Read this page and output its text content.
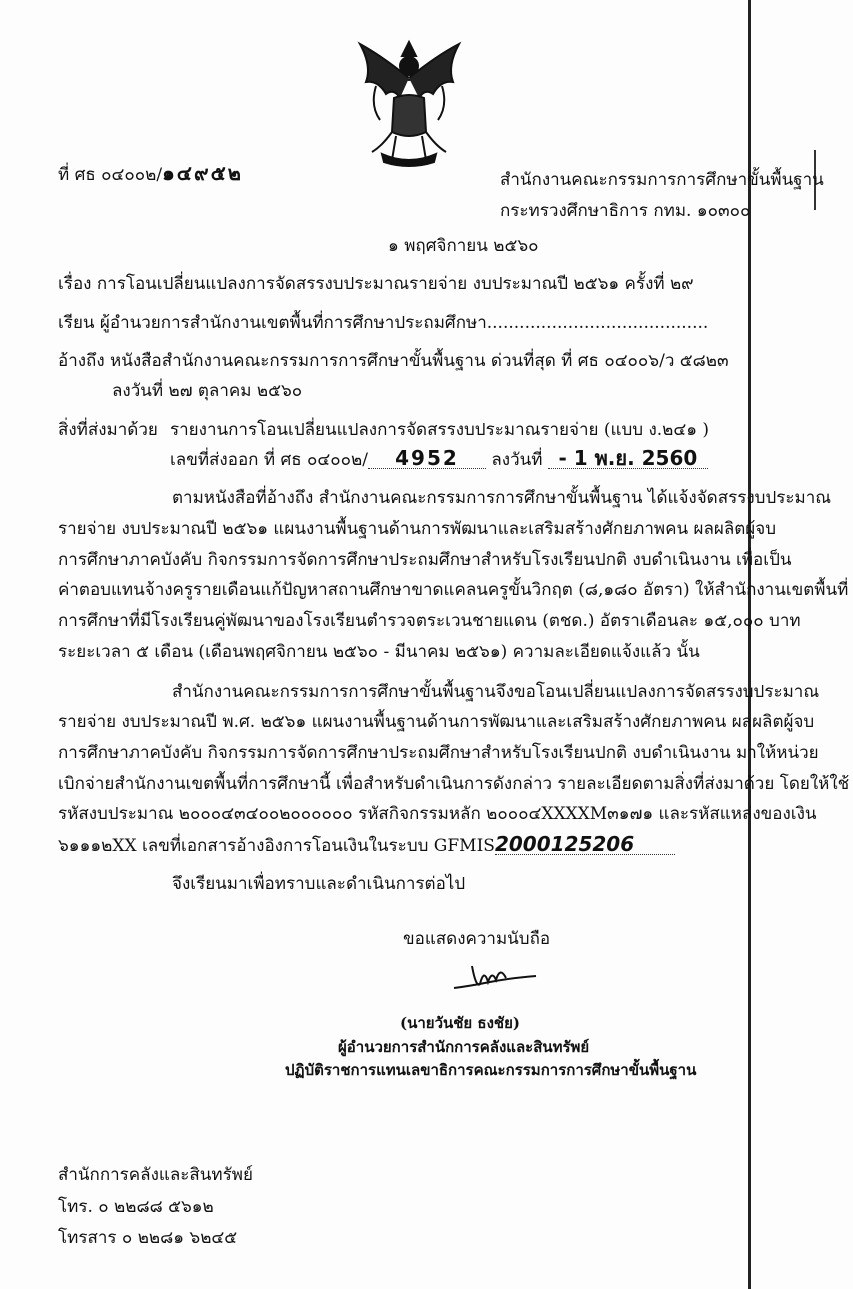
ที่ ศธ ๐๔๐๐๒/๑๔๙๕๒	สำนักงานคณะกรรมการการศึกษาขั้นพื้นฐาน
กระทรวงศึกษาธิการ กทม. ๑๐๓๐๐
๑ พฤศจิกายน ๒๕๖๐
เรื่อง การโอนเปลี่ยนแปลงการจัดสรรงบประมาณรายจ่าย งบประมาณปี ๒๕๖๑ ครั้งที่ ๒๙
เรียน ผู้อำนวยการสำนักงานเขตพื้นที่การศึกษาประถมศึกษา.........................................
อ้างถึง หนังสือสำนักงานคณะกรรมการการศึกษาขั้นพื้นฐาน ด่วนที่สุด ที่ ศธ ๐๔๐๐๖/ว ๕๘๒๓
ลงวันที่ ๒๗ ตุลาคม ๒๕๖๐
สิ่งที่ส่งมาด้วย รายงานการโอนเปลี่ยนแปลงการจัดสรรงบประมาณรายจ่าย (แบบ ง.๒๔๑ )
เลขที่ส่งออก ที่ ศธ ๐๔๐๐๒/ 4952 ลงวันที่ - 1 พ.ย. 2560
ตามหนังสือที่อ้างถึง สำนักงานคณะกรรมการการศึกษาขั้นพื้นฐาน ได้แจ้งจัดสรรงบประมาณ
รายจ่าย งบประมาณปี ๒๕๖๑ แผนงานพื้นฐานด้านการพัฒนาและเสริมสร้างศักยภาพคน ผลผลิตผู้จบ
การศึกษาภาคบังคับ กิจกรรมการจัดการศึกษาประถมศึกษาสำหรับโรงเรียนปกติ งบดำเนินงาน เพื่อเป็น
ค่าตอบแทนจ้างครูรายเดือนแก้ปัญหาสถานศึกษาขาดแคลนครูขั้นวิกฤต (๘,๑๘๐ อัตรา) ให้สำนักงานเขตพื้นที่
การศึกษาที่มีโรงเรียนคู่พัฒนาของโรงเรียนตำรวจตระเวนชายแดน (ตชด.) อัตราเดือนละ ๑๕,๐๐๐ บาท
ระยะเวลา ๕ เดือน (เดือนพฤศจิกายน ๒๕๖๐ - มีนาคม ๒๕๖๑) ความละเอียดแจ้งแล้ว นั้น
สำนักงานคณะกรรมการการศึกษาขั้นพื้นฐานจึงขอโอนเปลี่ยนแปลงการจัดสรรงบประมาณ
รายจ่าย งบประมาณปี พ.ศ. ๒๕๖๑ แผนงานพื้นฐานด้านการพัฒนาและเสริมสร้างศักยภาพคน ผลผลิตผู้จบ
การศึกษาภาคบังคับ กิจกรรมการจัดการศึกษาประถมศึกษาสำหรับโรงเรียนปกติ งบดำเนินงาน มาให้หน่วย
เบิกจ่ายสำนักงานเขตพื้นที่การศึกษานี้ เพื่อสำหรับดำเนินการดังกล่าว รายละเอียดตามสิ่งที่ส่งมาด้วย โดยให้ใช้
รหัสงบประมาณ ๒๐๐๐๔๓๔๐๐๒๐๐๐๐๐๐ รหัสกิจกรรมหลัก ๒๐๐๐๔XXXXM๓๑๗๑ และรหัสแหล่งของเงิน
๖๑๑๑๒XX เลขที่เอกสารอ้างอิงการโอนเงินในระบบ GFMIS2000125206
จึงเรียนมาเพื่อทราบและดำเนินการต่อไป
ขอแสดงความนับถือ
(นายวันชัย ธงชัย)
ผู้อำนวยการสำนักการคลังและสินทรัพย์
ปฏิบัติราชการแทนเลขาธิการคณะกรรมการการศึกษาขั้นพื้นฐาน
สำนักการคลังและสินทรัพย์
โทร. ๐ ๒๒๘๘ ๕๖๑๒
โทรสาร ๐ ๒๒๘๑ ๖๒๔๕
